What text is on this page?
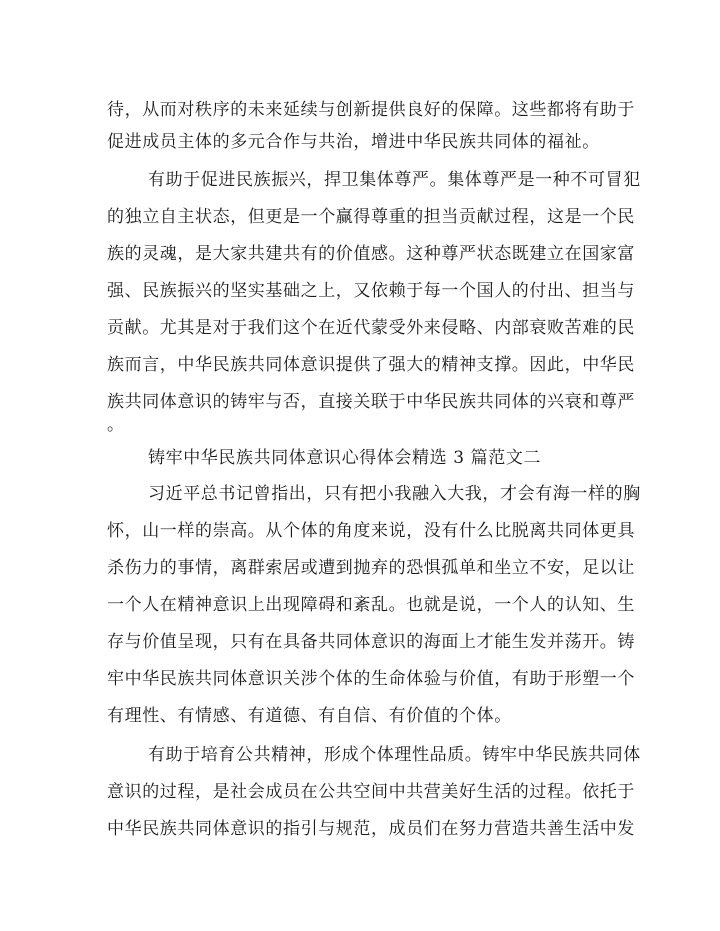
待，从而对秩序的未来延续与创新提供良好的保障。这些都将有助于
促进成员主体的多元合作与共治，增进中华民族共同体的福祉。
有助于促进民族振兴，捍卫集体尊严。集体尊严是一种不可冒犯
的独立自主状态，但更是一个赢得尊重的担当贡献过程，这是一个民
族的灵魂，是大家共建共有的价值感。这种尊严状态既建立在国家富
强、民族振兴的坚实基础之上，又依赖于每一个国人的付出、担当与
贡献。尤其是对于我们这个在近代蒙受外来侵略、内部衰败苦难的民
族而言，中华民族共同体意识提供了强大的精神支撑。因此，中华民
族共同体意识的铸牢与否，直接关联于中华民族共同体的兴衰和尊严
。
铸牢中华民族共同体意识心得体会精选 3 篇范文二
习近平总书记曾指出，只有把小我融入大我，才会有海一样的胸
怀，山一样的崇高。从个体的角度来说，没有什么比脱离共同体更具
杀伤力的事情，离群索居或遭到抛弃的恐惧孤单和坐立不安，足以让
一个人在精神意识上出现障碍和紊乱。也就是说，一个人的认知、生
存与价值呈现，只有在具备共同体意识的海面上才能生发并荡开。铸
牢中华民族共同体意识关涉个体的生命体验与价值，有助于形塑一个
有理性、有情感、有道德、有自信、有价值的个体。
有助于培育公共精神，形成个体理性品质。铸牢中华民族共同体
意识的过程，是社会成员在公共空间中共营美好生活的过程。依托于
中华民族共同体意识的指引与规范，成员们在努力营造共善生活中发
